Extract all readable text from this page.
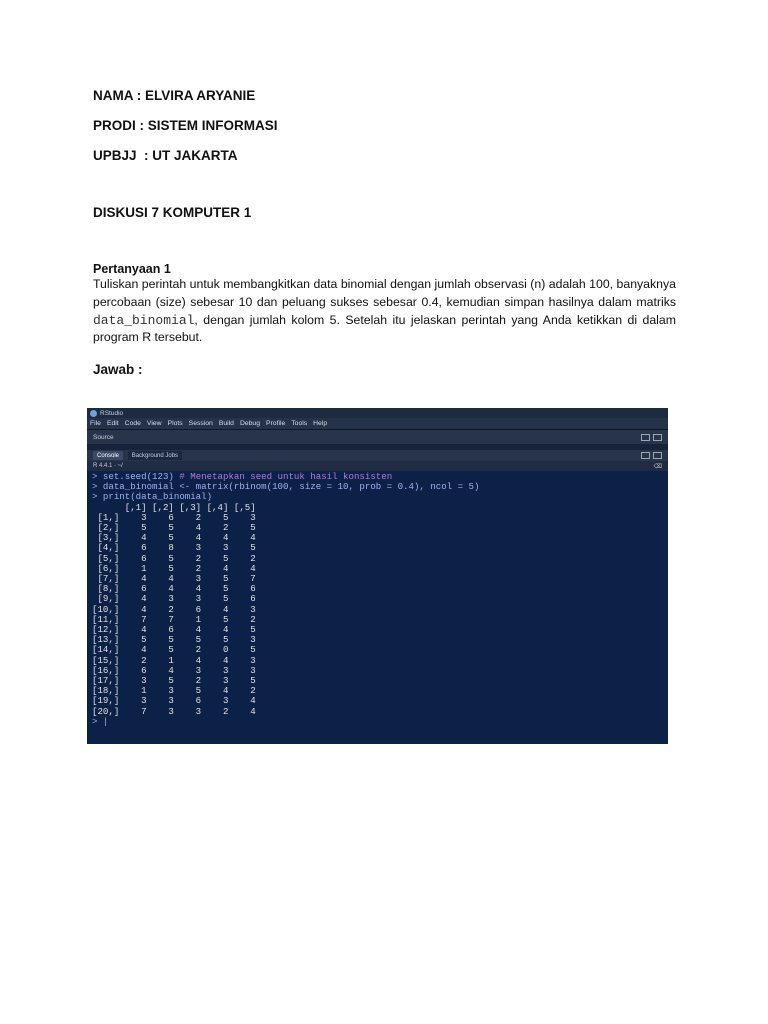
NAMA : ELVIRA ARYANIE
PRODI : SISTEM INFORMASI
UPBJJ  : UT JAKARTA
DISKUSI 7 KOMPUTER 1
Pertanyaan 1
Tuliskan perintah untuk membangkitkan data binomial dengan jumlah observasi (n) adalah 100, banyaknya percobaan (size) sebesar 10 dan peluang sukses sebesar 0.4, kemudian simpan hasilnya dalam matriks data_binomial, dengan jumlah kolom 5. Setelah itu jelaskan perintah yang Anda ketikkan di dalam program R tersebut.
Jawab :
RStudio
File Edit Code View Plots Session Build Debug Profile Tools Help
Source
Console Background Jobs
R 4.4.1 · ~/	⌫
> set.seed(123) # Menetapkan seed untuk hasil konsisten
> data_binomial <- matrix(rbinom(100, size = 10, prob = 0.4), ncol = 5)
> print(data_binomial)
[,1] [,2] [,3] [,4] [,5]
[1,]    3    6    2    5    3
[2,]    5    5    4    2    5
[3,]    4    5    4    4    4
[4,]    6    8    3    3    5
[5,]    6    5    2    5    2
[6,]    1    5    2    4    4
[7,]    4    4    3    5    7
[8,]    6    4    4    5    6
[9,]    4    3    3    5    6
[10,]    4    2    6    4    3
[11,]    7    7    1    5    2
[12,]    4    6    4    4    5
[13,]    5    5    5    5    3
[14,]    4    5    2    0    5
[15,]    2    1    4    4    3
[16,]    6    4    3    3    3
[17,]    3    5    2    3    5
[18,]    1    3    5    4    2
[19,]    3    3    6    3    4
[20,]    7    3    3    2    4
> |
